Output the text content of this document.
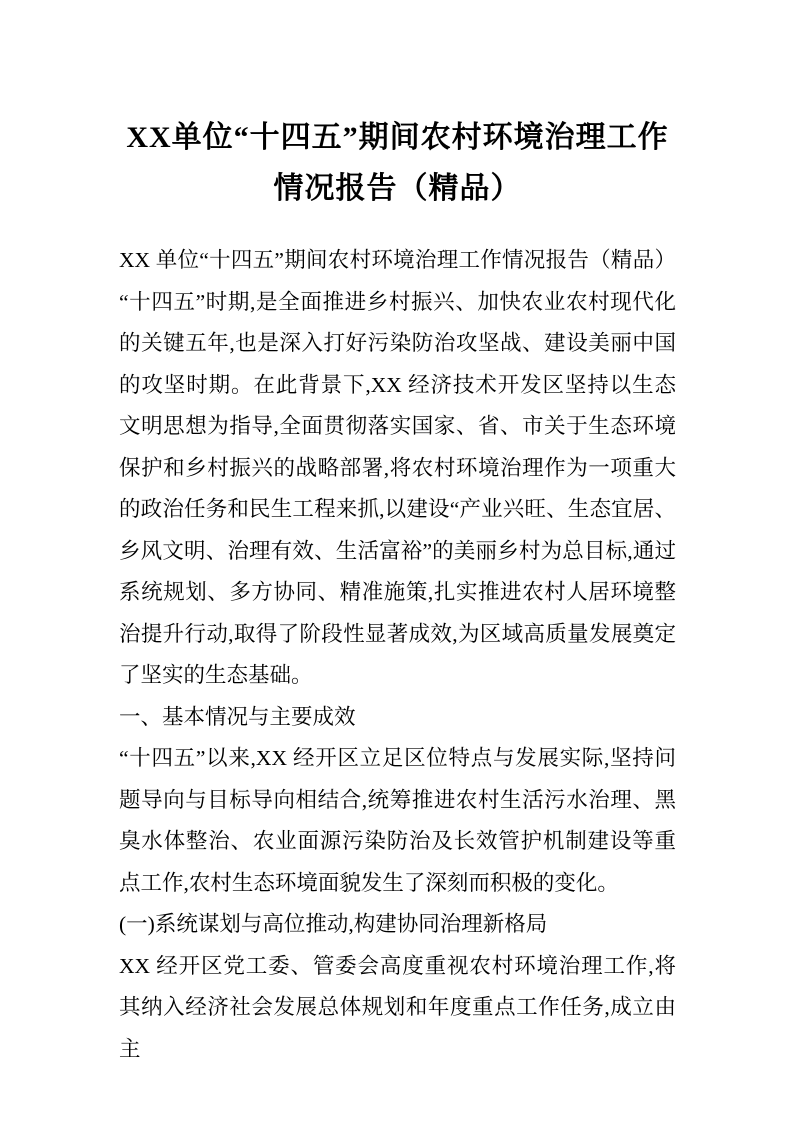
XX单位“十四五”期间农村环境治理工作情况报告（精品）

XX 单位“十四五”期间农村环境治理工作情况报告（精品）“十四五”时期,是全面推进乡村振兴、加快农业农村现代化的关键五年,也是深入打好污染防治攻坚战、建设美丽中国的攻坚时期。在此背景下,XX 经济技术开发区坚持以生态文明思想为指导,全面贯彻落实国家、省、市关于生态环境保护和乡村振兴的战略部署,将农村环境治理作为一项重大的政治任务和民生工程来抓,以建设“产业兴旺、生态宜居、乡风文明、治理有效、生活富裕”的美丽乡村为总目标,通过系统规划、多方协同、精准施策,扎实推进农村人居环境整治提升行动,取得了阶段性显著成效,为区域高质量发展奠定了坚实的生态基础。

一、基本情况与主要成效

“十四五”以来,XX 经开区立足区位特点与发展实际,坚持问题导向与目标导向相结合,统筹推进农村生活污水治理、黑臭水体整治、农业面源污染防治及长效管护机制建设等重点工作,农村生态环境面貌发生了深刻而积极的变化。

(一)系统谋划与高位推动,构建协同治理新格局

XX 经开区党工委、管委会高度重视农村环境治理工作,将其纳入经济社会发展总体规划和年度重点工作任务,成立由主
